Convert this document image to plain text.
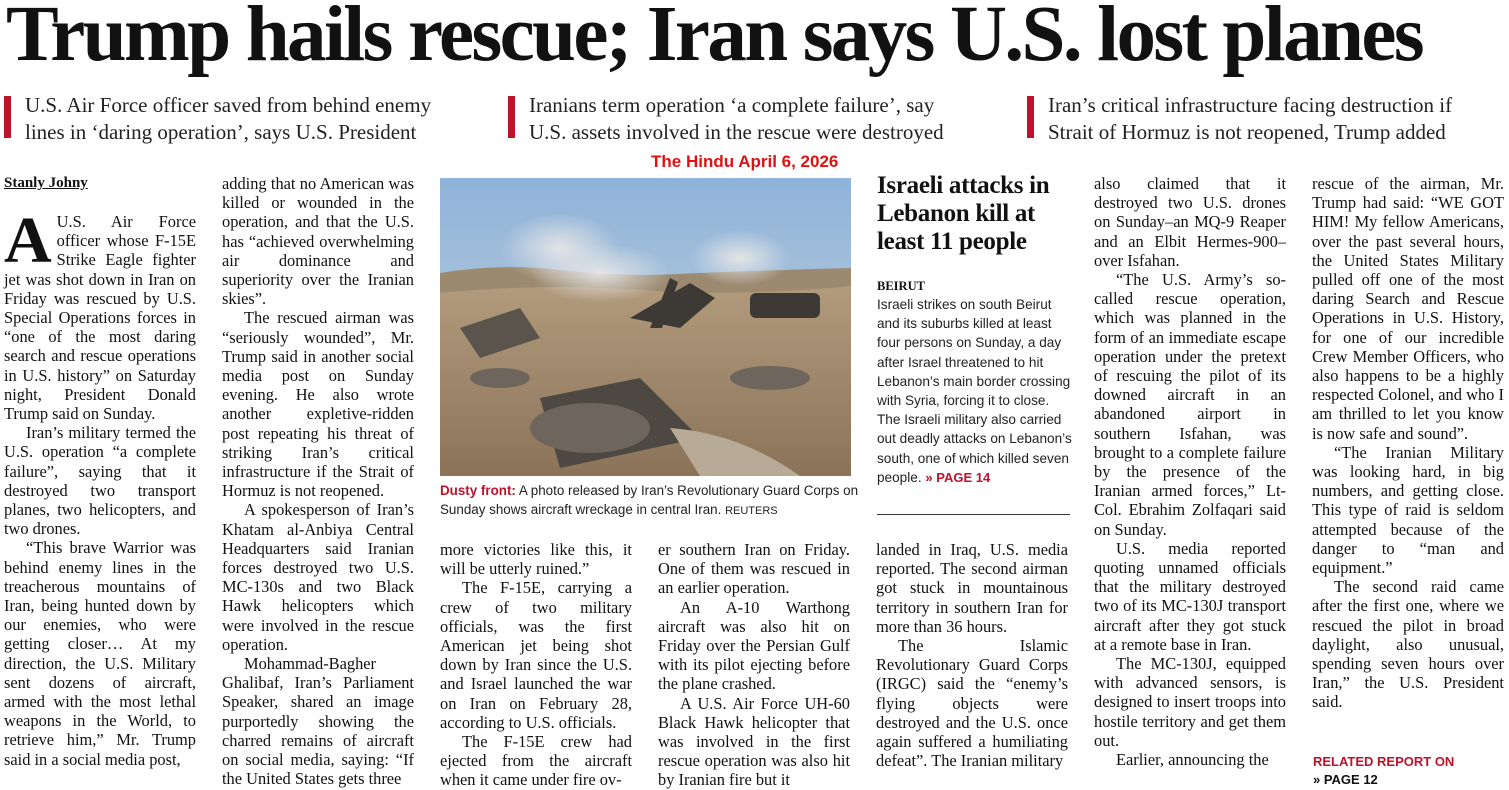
Trump hails rescue; Iran says U.S. lost planes
U.S. Air Force officer saved from behind enemy
lines in ‘daring operation’, says U.S. President
Iranians term operation ‘a complete failure’, say
U.S. assets involved in the rescue were destroyed
Iran’s critical infrastructure facing destruction if
Strait of Hormuz is not reopened, Trump added
The Hindu April 6, 2026
Stanly Johny

A U.S. Air Force officer whose F-15E Strike Eagle fighter jet was shot down in Iran on Friday was rescued by U.S. Special Operations forces in “one of the most daring search and rescue operations in U.S. history” on Saturday night, President Donald Trump said on Sunday.

Iran’s military termed the U.S. operation “a complete failure”, saying that it destroyed two transport planes, two helicopters, and two drones.

“This brave Warrior was behind enemy lines in the treacherous mountains of Iran, being hunted down by our enemies, who were getting closer… At my direction, the U.S. Military sent dozens of aircraft, armed with the most lethal weapons in the World, to retrieve him,” Mr. Trump said in a social media post,

adding that no American was killed or wounded in the operation, and that the U.S. has “achieved overwhelming air dominance and superiority over the Iranian skies”.

The rescued airman was “seriously wounded”, Mr. Trump said in another social media post on Sunday evening. He also wrote another expletive-ridden post repeating his threat of striking Iran’s critical infrastructure if the Strait of Hormuz is not reopened.

A spokesperson of Iran’s Khatam al-Anbiya Central Headquarters said Iranian forces destroyed two U.S. MC-130s and two Black Hawk helicopters which were involved in the rescue operation.

Mohammad-Bagher Ghalibaf, Iran’s Parliament Speaker, shared an image purportedly showing the charred remains of aircraft on social media, saying: “If the United States gets three

Dusty front: A photo released by Iran’s Revolutionary Guard Corps on Sunday shows aircraft wreckage in central Iran. REUTERS

more victories like this, it will be utterly ruined.”

The F-15E, carrying a crew of two military officials, was the first American jet being shot down by Iran since the U.S. and Israel launched the war on Iran on February 28, according to U.S. officials.

The F-15E crew had ejected from the aircraft when it came under fire ov-

er southern Iran on Friday. One of them was rescued in an earlier operation.

An A-10 Warthong aircraft was also hit on Friday over the Persian Gulf with its pilot ejecting before the plane crashed.

A U.S. Air Force UH-60 Black Hawk helicopter that was involved in the first rescue operation was also hit by Iranian fire but it

Israeli attacks in Lebanon kill at least 11 people
BEIRUT
Israeli strikes on south Beirut and its suburbs killed at least four persons on Sunday, a day after Israel threatened to hit Lebanon’s main border crossing with Syria, forcing it to close. The Israeli military also carried out deadly attacks on Lebanon’s south, one of which killed seven people. » PAGE 14

landed in Iraq, U.S. media reported. The second airman got stuck in mountainous territory in southern Iran for more than 36 hours.

The Islamic Revolutionary Guard Corps (IRGC) said the “enemy’s flying objects were destroyed and the U.S. once again suffered a humiliating defeat”. The Iranian military

also claimed that it destroyed two U.S. drones on Sunday–an MQ-9 Reaper and an Elbit Hermes-900–over Isfahan.

“The U.S. Army’s so-called rescue operation, which was planned in the form of an immediate escape operation under the pretext of rescuing the pilot of its downed aircraft in an abandoned airport in southern Isfahan, was brought to a complete failure by the presence of the Iranian armed forces,” Lt-Col. Ebrahim Zolfaqari said on Sunday.

U.S. media reported quoting unnamed officials that the military destroyed two of its MC-130J transport aircraft after they got stuck at a remote base in Iran.

The MC-130J, equipped with advanced sensors, is designed to insert troops into hostile territory and get them out.

Earlier, announcing the

rescue of the airman, Mr. Trump had said: “WE GOT HIM! My fellow Americans, over the past several hours, the United States Military pulled off one of the most daring Search and Rescue Operations in U.S. History, for one of our incredible Crew Member Officers, who also happens to be a highly respected Colonel, and who I am thrilled to let you know is now safe and sound”.

“The Iranian Military was looking hard, in big numbers, and getting close. This type of raid is seldom attempted because of the danger to “man and equipment.”

The second raid came after the first one, where we rescued the pilot in broad daylight, also unusual, spending seven hours over Iran,” the U.S. President said.

RELATED REPORT ON
» PAGE 12
